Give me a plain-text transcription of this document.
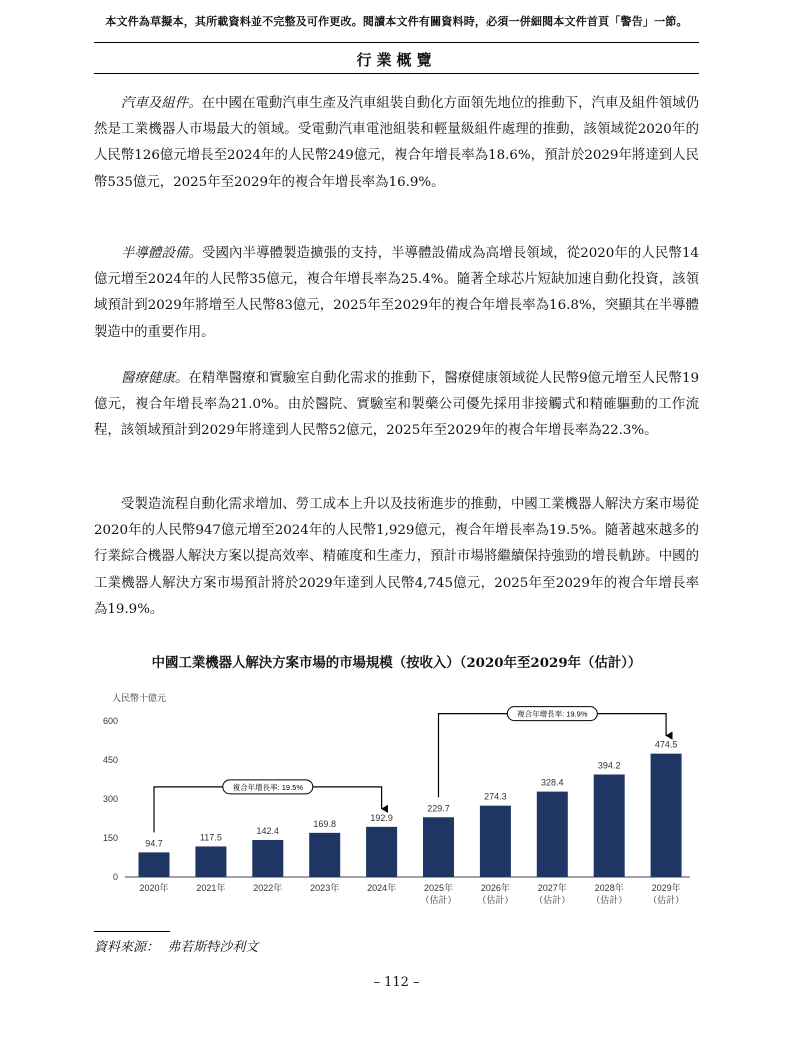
本文件為草擬本，其所載資料並不完整及可作更改。閱讀本文件有關資料時，必須一併細閱本文件首頁「警告」一節。
行業概覽

汽車及組件。在中國在電動汽車生產及汽車組裝自動化方面領先地位的推動下，汽車及組件領域仍然是工業機器人市場最大的領域。受電動汽車電池組裝和輕量級組件處理的推動，該領域從2020年的人民幣126億元增長至2024年的人民幣249億元，複合年增長率為18.6%，預計於2029年將達到人民幣535億元，2025年至2029年的複合年增長率為16.9%。

半導體設備。受國內半導體製造擴張的支持，半導體設備成為高增長領域，從2020年的人民幣14億元增至2024年的人民幣35億元，複合年增長率為25.4%。隨著全球芯片短缺加速自動化投資，該領域預計到2029年將增至人民幣83億元，2025年至2029年的複合年增長率為16.8%，突顯其在半導體製造中的重要作用。

醫療健康。在精準醫療和實驗室自動化需求的推動下，醫療健康領域從人民幣9億元增至人民幣19億元，複合年增長率為21.0%。由於醫院、實驗室和製藥公司優先採用非接觸式和精確驅動的工作流程，該領域預計到2029年將達到人民幣52億元，2025年至2029年的複合年增長率為22.3%。

受製造流程自動化需求增加、勞工成本上升以及技術進步的推動，中國工業機器人解決方案市場從2020年的人民幣947億元增至2024年的人民幣1,929億元，複合年增長率為19.5%。隨著越來越多的行業綜合機器人解決方案以提高效率、精確度和生產力，預計市場將繼續保持強勁的增長軌跡。中國的工業機器人解決方案市場預計將於2029年達到人民幣4,745億元，2025年至2029年的複合年增長率為19.9%。

中國工業機器人解決方案市場的市場規模（按收入）（2020年至2029年（估計））
人民幣十億元
0
150
300
450
600
94.7
117.5
142.4
169.8
192.9
229.7
274.3
328.4
394.2
474.5
複合年增長率: 19.5%
複合年增長率: 19.9%
2020年	2021年	2022年	2023年	2024年	2025年
（估計）
2026年
（估計）
2027年
（估計）
2028年
（估計）
2029年
（估計）
資料來源： 弗若斯特沙利文
– 112 –
